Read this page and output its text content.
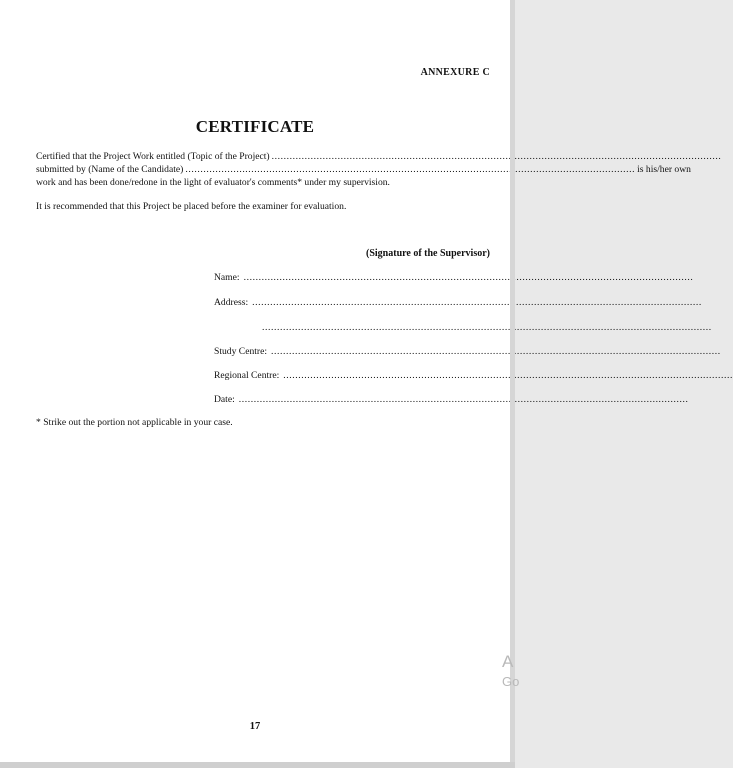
ANNEXURE C
CERTIFICATE
Certified that the Project Work entitled (Topic of the Project)
.....
submitted by (Name of the Candidate)
.....	is his/her own
work and has been done/redone in the light of evaluator's comments* under my supervision.
It is recommended that this Project be placed before the examiner for evaluation.
(Signature of the Supervisor)
Name:
.....
Address:
.....
.....
Study Centre:
.....
Regional Centre:
.....
Date:
.....
* Strike out the portion not applicable in your case.
17
A
Go
